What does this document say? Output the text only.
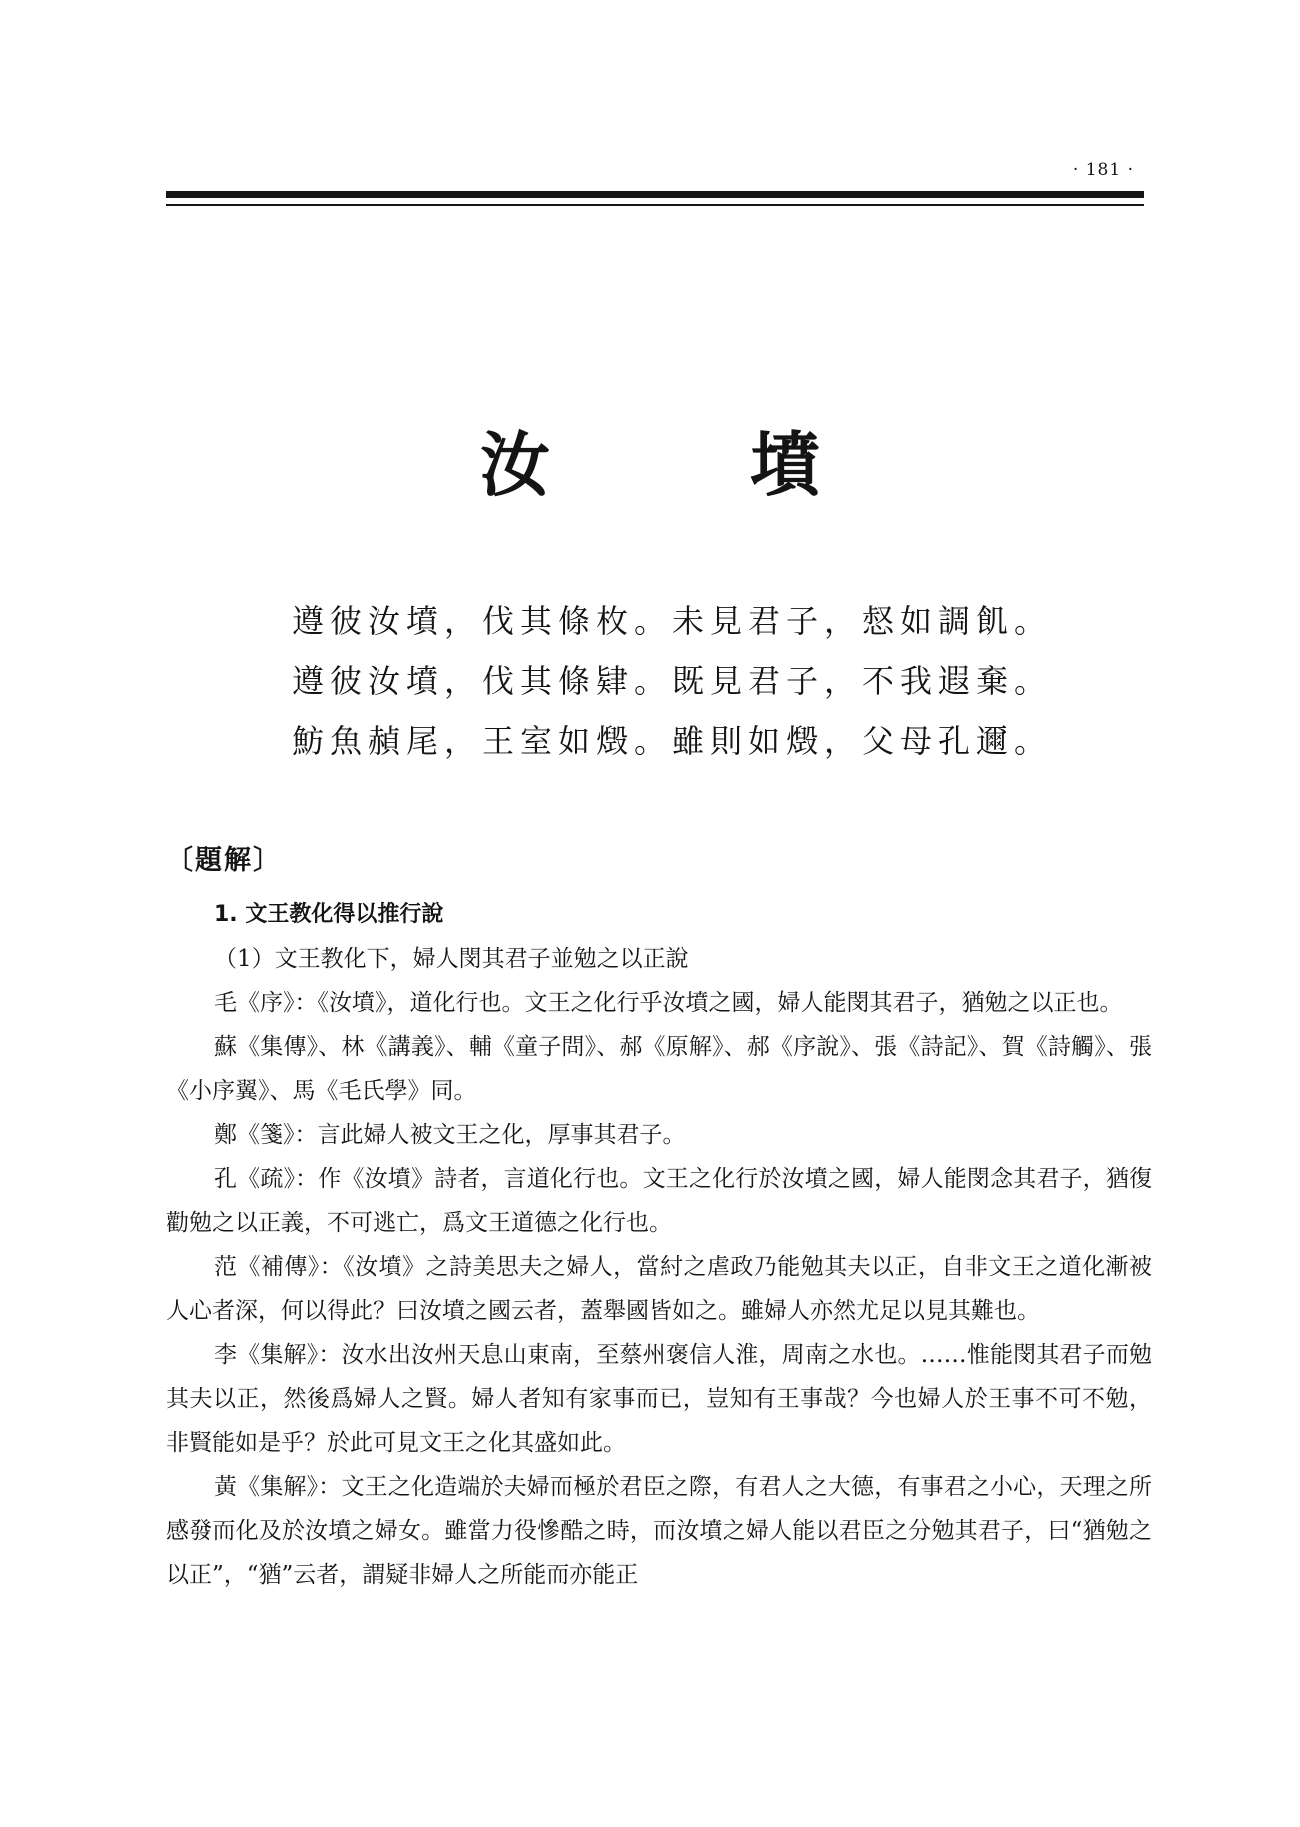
· 181 ·
汝 墳
遵彼汝墳，伐其條枚。未見君子，惄如調飢。
遵彼汝墳，伐其條肄。既見君子，不我遐棄。
魴魚赬尾，王室如燬。雖則如燬，父母孔邇。
〔題解〕

1. 文王教化得以推行說

（1）文王教化下，婦人閔其君子並勉之以正說

毛《序》：《汝墳》，道化行也。文王之化行乎汝墳之國，婦人能閔其君子，猶勉之以正也。

蘇《集傳》、林《講義》、輔《童子問》、郝《原解》、郝《序說》、張《詩記》、賀《詩觸》、張《小序翼》、馬《毛氏學》同。

鄭《箋》：言此婦人被文王之化，厚事其君子。

孔《疏》：作《汝墳》詩者，言道化行也。文王之化行於汝墳之國，婦人能閔念其君子，猶復勸勉之以正義，不可逃亡，爲文王道德之化行也。

范《補傳》：《汝墳》之詩美思夫之婦人，當紂之虐政乃能勉其夫以正，自非文王之道化漸被人心者深，何以得此？曰汝墳之國云者，蓋舉國皆如之。雖婦人亦然尤足以見其難也。

李《集解》：汝水出汝州天息山東南，至蔡州褒信人淮，周南之水也。……惟能閔其君子而勉其夫以正，然後爲婦人之賢。婦人者知有家事而已，豈知有王事哉？今也婦人於王事不可不勉，非賢能如是乎？於此可見文王之化其盛如此。

黃《集解》：文王之化造端於夫婦而極於君臣之際，有君人之大德，有事君之小心，天理之所感發而化及於汝墳之婦女。雖當力役慘酷之時，而汝墳之婦人能以君臣之分勉其君子，曰“猶勉之以正”，“猶”云者，謂疑非婦人之所能而亦能正
